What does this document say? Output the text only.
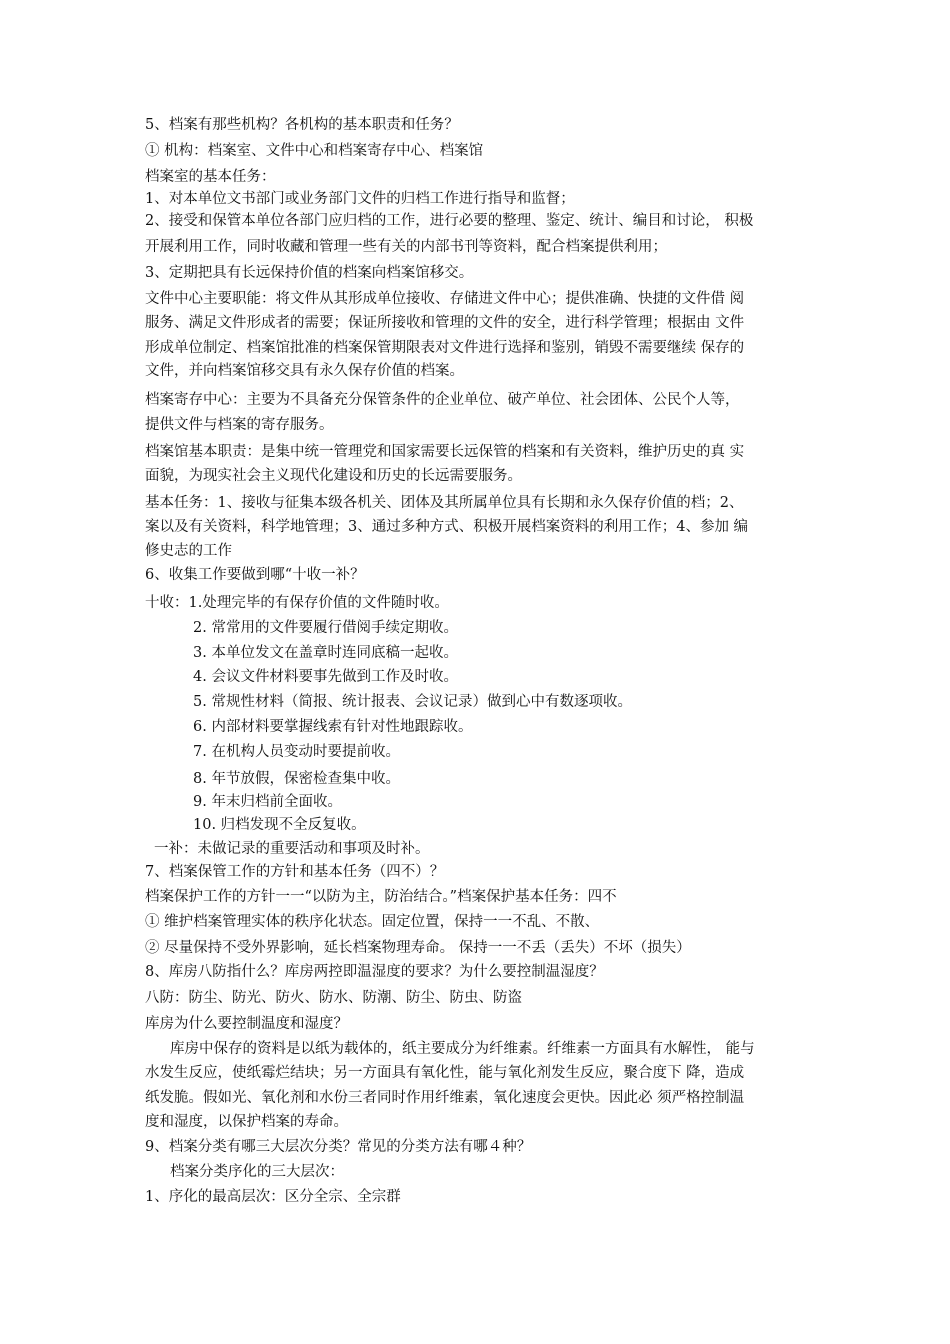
5、档案有那些机构？各机构的基本职责和任务？
① 机构：档案室、文件中心和档案寄存中心、档案馆
档案室的基本任务：
1、对本单位文书部门或业务部门文件的归档工作进行指导和监督；
2、接受和保管本单位各部门应归档的工作，进行必要的整理、鉴定、统计、编目和讨论， 积极
开展利用工作，同时收藏和管理一些有关的内部书刊等资料，配合档案提供利用；
3、定期把具有长远保持价值的档案向档案馆移交。
文件中心主要职能：将文件从其形成单位接收、存储进文件中心；提供准确、快捷的文件借 阅
服务、满足文件形成者的需要；保证所接收和管理的文件的安全，进行科学管理；根据由 文件
形成单位制定、档案馆批准的档案保管期限表对文件进行选择和鉴别，销毁不需要继续 保存的
文件，并向档案馆移交具有永久保存价值的档案。
档案寄存中心：主要为不具备充分保管条件的企业单位、破产单位、社会团体、公民个人等，
提供文件与档案的寄存服务。
档案馆基本职责：是集中统一管理党和国家需要长远保管的档案和有关资料，维护历史的真 实
面貌，为现实社会主义现代化建设和历史的长远需要服务。
基本任务：1、接收与征集本级各机关、团体及其所属单位具有长期和永久保存价值的档；2、
案以及有关资料，科学地管理；3、通过多种方式、积极开展档案资料的利用工作；4、参加 编
修史志的工作
6、收集工作要做到哪“十收一补？
十收：1.处理完毕的有保存价值的文件随时收。
2. 常常用的文件要履行借阅手续定期收。
3. 本单位发文在盖章时连同底稿一起收。
4. 会议文件材料要事先做到工作及时收。
5. 常规性材料（简报、统计报表、会议记录）做到心中有数逐项收。
6. 内部材料要掌握线索有针对性地跟踪收。
7. 在机构人员变动时要提前收。
8. 年节放假，保密检查集中收。
9. 年末归档前全面收。
10. 归档发现不全反复收。
一补：未做记录的重要活动和事项及时补。
7、档案保管工作的方针和基本任务（四不）？
档案保护工作的方针一一“以防为主，防治结合。”档案保护基本任务：四不
① 维护档案管理实体的秩序化状态。固定位置，保持一一不乱、不散、
② 尽量保持不受外界影响，延长档案物理寿命。 保持一一不丢（丢失）不坏（损失）
8、库房八防指什么？库房两控即温湿度的要求？为什么要控制温湿度？
八防：防尘、防光、防火、防水、防潮、防尘、防虫、防盗
库房为什么要控制温度和湿度？
库房中保存的资料是以纸为载体的，纸主要成分为纤维素。纤维素一方面具有水解性， 能与
水发生反应，使纸霉烂结块；另一方面具有氧化性，能与氧化剂发生反应，聚合度下 降，造成
纸发脆。假如光、氧化剂和水份三者同时作用纤维素，氧化速度会更快。因此必 须严格控制温
度和湿度，以保护档案的寿命。
9、档案分类有哪三大层次分类？常见的分类方法有哪４种？
档案分类序化的三大层次：
1、序化的最高层次：区分全宗、全宗群
